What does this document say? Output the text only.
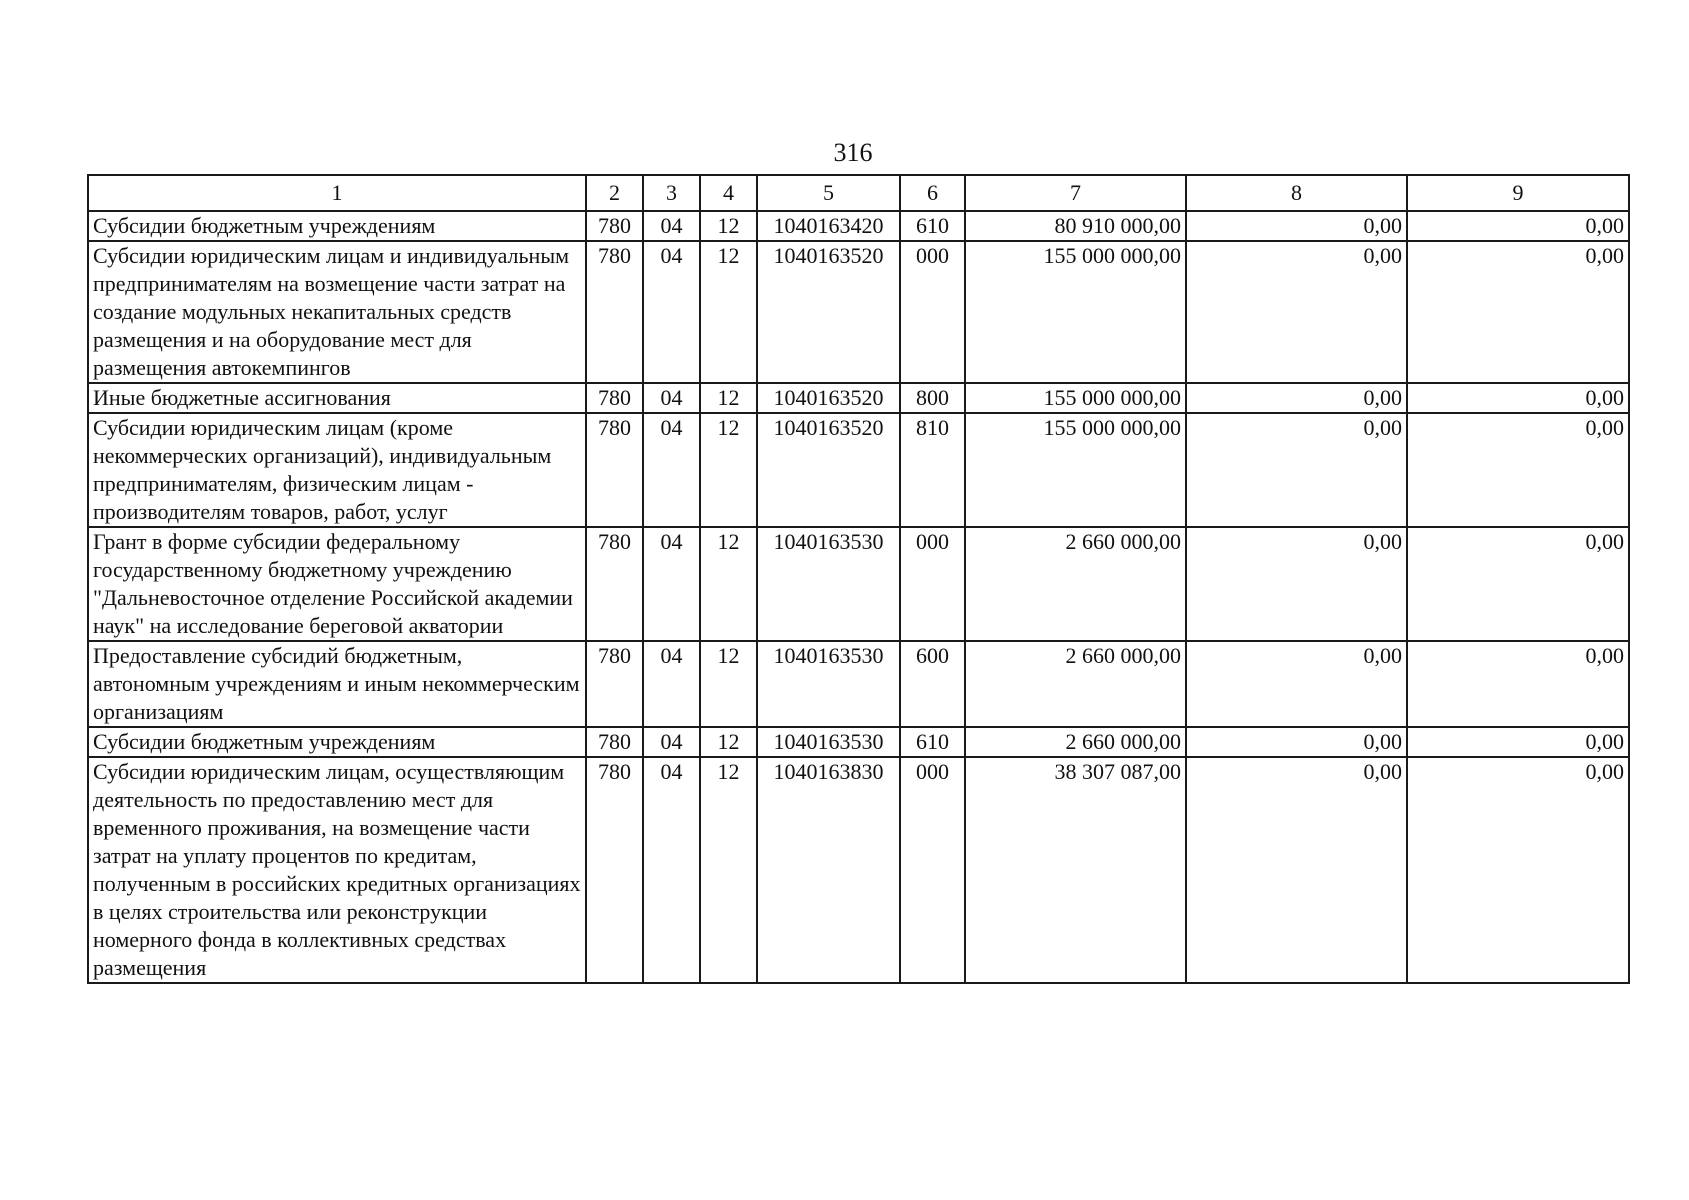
316
1	2	3	4	5	6	7	8	9
Субсидии бюджетным учреждениям	780	04	12	1040163420	610	80 910 000,00	0,00	0,00
Субсидии юридическим лицам и индивидуальным предпринимателям на возмещение части затрат на создание модульных некапитальных средств размещения и на оборудование мест для размещения автокемпингов	780	04	12	1040163520	000	155 000 000,00	0,00	0,00
Иные бюджетные ассигнования	780	04	12	1040163520	800	155 000 000,00	0,00	0,00
Субсидии юридическим лицам (кроме некоммерческих организаций), индивидуальным предпринимателям, физическим лицам - производителям товаров, работ, услуг	780	04	12	1040163520	810	155 000 000,00	0,00	0,00
Грант в форме субсидии федеральному государственному бюджетному учреждению "Дальневосточное отделение Российской академии наук" на исследование береговой акватории	780	04	12	1040163530	000	2 660 000,00	0,00	0,00
Предоставление субсидий бюджетным, автономным учреждениям и иным некоммерческим организациям	780	04	12	1040163530	600	2 660 000,00	0,00	0,00
Субсидии бюджетным учреждениям	780	04	12	1040163530	610	2 660 000,00	0,00	0,00
Субсидии юридическим лицам, осуществляющим деятельность по предоставлению мест для временного проживания, на возмещение части затрат на уплату процентов по кредитам, полученным в российских кредитных организациях в целях строительства или реконструкции номерного фонда в коллективных средствах размещения	780	04	12	1040163830	000	38 307 087,00	0,00	0,00
